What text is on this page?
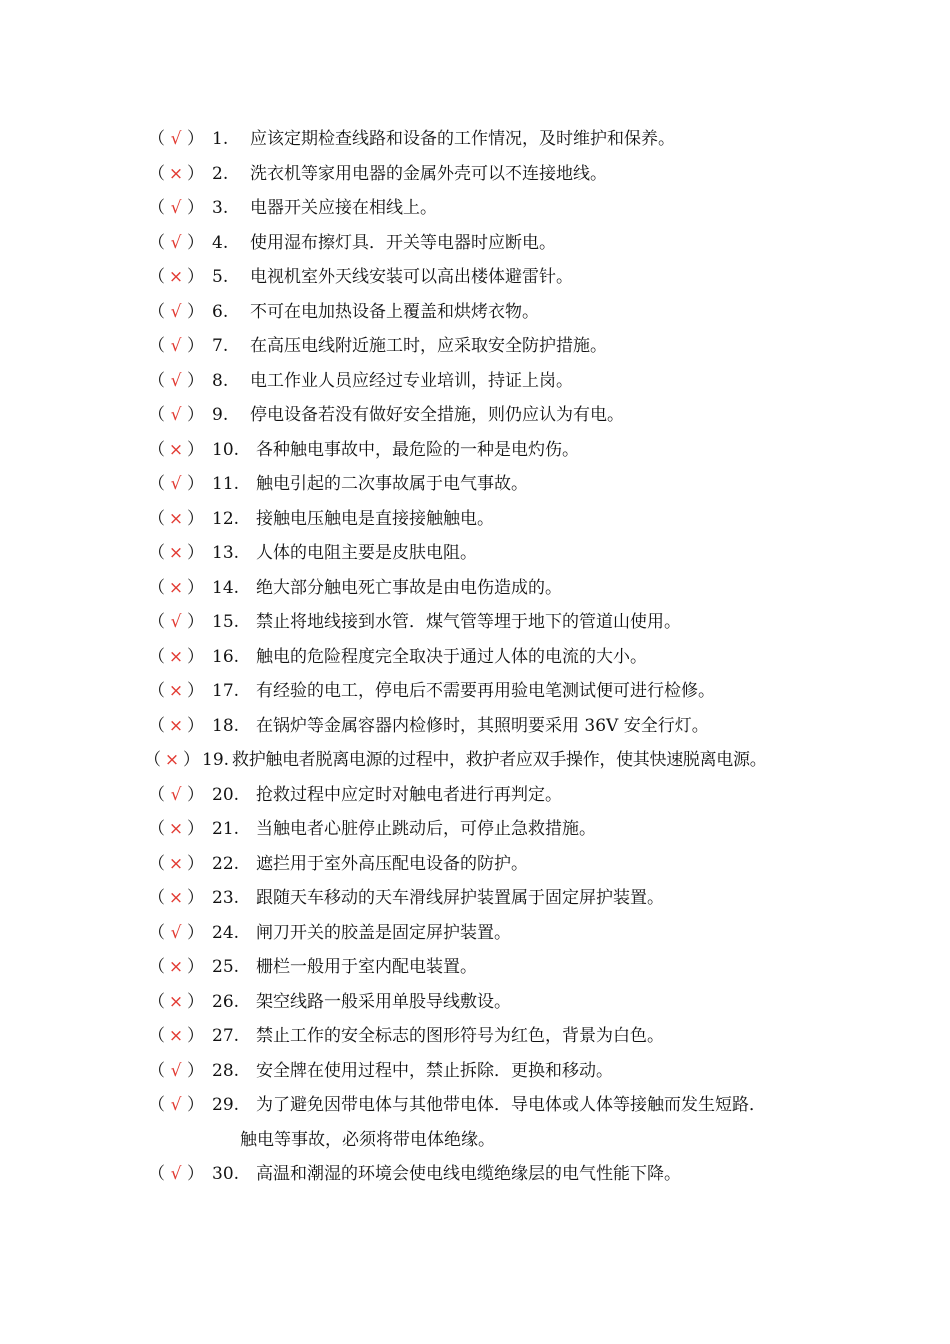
（ √ ） 1.	应该定期检查线路和设备的工作情况，及时维护和保养。
（ × ） 2.	洗衣机等家用电器的金属外壳可以不连接地线。
（ √ ） 3.	电器开关应接在相线上。
（ √ ） 4.	使用湿布擦灯具．开关等电器时应断电。
（ × ） 5.	电视机室外天线安装可以高出楼体避雷针。
（ √ ） 6.	不可在电加热设备上覆盖和烘烤衣物。
（ √ ） 7.	在高压电线附近施工时，应采取安全防护措施。
（ √ ） 8.	电工作业人员应经过专业培训，持证上岗。
（ √ ） 9.	停电设备若没有做好安全措施，则仍应认为有电。
（ × ） 10. 各种触电事故中，最危险的一种是电灼伤。
（ √ ） 11. 触电引起的二次事故属于电气事故。
（ × ） 12. 接触电压触电是直接接触触电。
（ × ） 13. 人体的电阻主要是皮肤电阻。
（ × ） 14. 绝大部分触电死亡事故是由电伤造成的。
（ √ ） 15. 禁止将地线接到水管．煤气管等埋于地下的管道山使用。
（ × ） 16. 触电的危险程度完全取决于通过人体的电流的大小。
（ × ） 17. 有经验的电工，停电后不需要再用验电笔测试便可进行检修。
（ × ） 18. 在锅炉等金属容器内检修时，其照明要采用 36V 安全行灯。
（ × ） 19. 救护触电者脱离电源的过程中，救护者应双手操作，使其快速脱离电源。
（ √ ） 20. 抢救过程中应定时对触电者进行再判定。
（ × ） 21. 当触电者心脏停止跳动后，可停止急救措施。
（ × ） 22. 遮拦用于室外高压配电设备的防护。
（ × ） 23. 跟随天车移动的天车滑线屏护装置属于固定屏护装置。
（ √ ） 24. 闸刀开关的胶盖是固定屏护装置。
（ × ） 25. 栅栏一般用于室内配电装置。
（ × ） 26. 架空线路一般采用单股导线敷设。
（ × ） 27. 禁止工作的安全标志的图形符号为红色，背景为白色。
（ √ ） 28. 安全牌在使用过程中，禁止拆除．更换和移动。
（ √ ） 29. 为了避免因带电体与其他带电体．导电体或人体等接触而发生短路．
触电等事故，必须将带电体绝缘。
（ √ ） 30. 高温和潮湿的环境会使电线电缆绝缘层的电气性能下降。
